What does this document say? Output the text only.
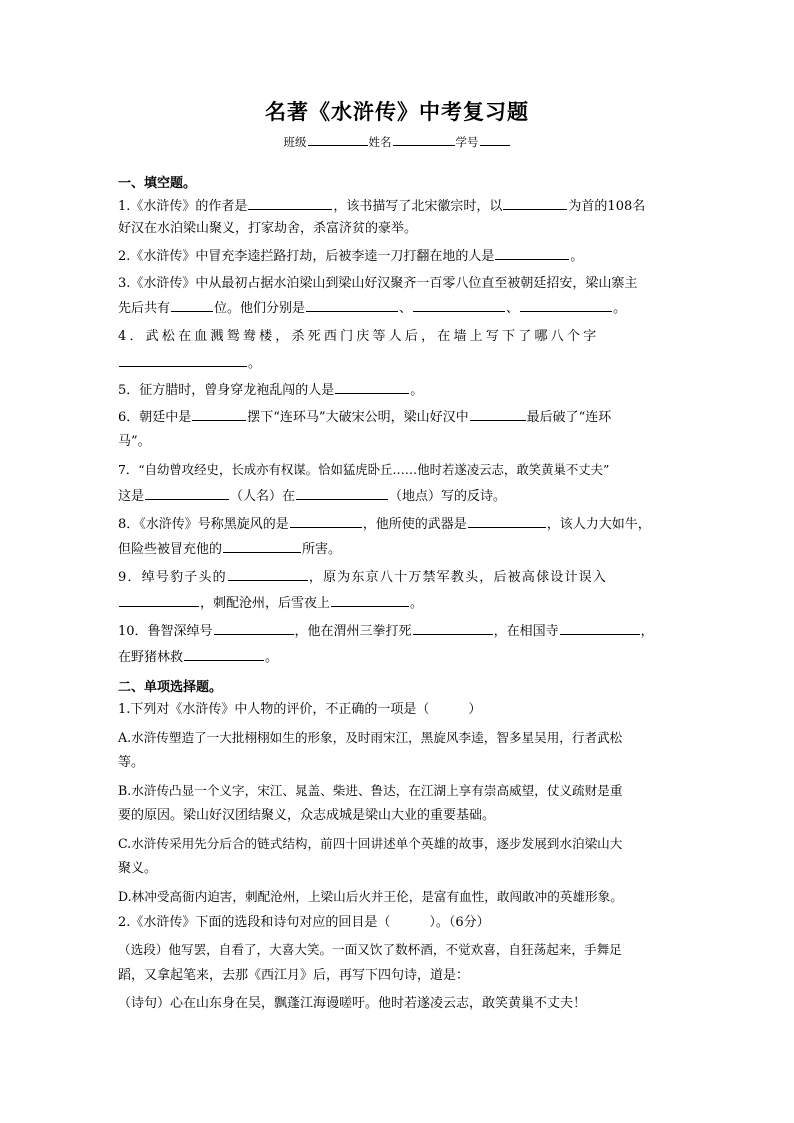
名著《水浒传》中考复习题
班级	姓名	学号
一、填空题。
1.《水浒传》的作者是	，该书描写了北宋徽宗时，以	为首的108名
好汉在水泊梁山聚义，打家劫舍，杀富济贫的豪举。
2.《水浒传》中冒充李逵拦路打劫，后被李逵一刀打翻在地的人是	。
3.《水浒传》中从最初占据水泊梁山到梁山好汉聚齐一百零八位直至被朝廷招安，梁山寨主
先后共有	位。他们分别是	、	、	。
4．武松在血溅鸳鸯楼，杀死西门庆等人后，在墙上写下了哪八个字
。
5．征方腊时，曾身穿龙袍乱闯的人是	。
6．朝廷中是	摆下“连环马”大破宋公明，梁山好汉中	最后破了“连环
马”。
7．“自幼曾攻经史，长成亦有权谋。恰如猛虎卧丘……他时若遂凌云志，敢笑黄巢不丈夫”
这是	（人名）在	（地点）写的反诗。
8．《水浒传》号称黑旋风的是	，他所使的武器是	，该人力大如牛，
但险些被冒充他的	所害。
9．绰号豹子头的	，原为东京八十万禁军教头，后被高俅设计误入
，刺配沧州，后雪夜上	。
10．鲁智深绰号	，他在渭州三拳打死	，在相国寺	，
在野猪林救	。
二、单项选择题。
1.下列对《水浒传》中人物的评价，不正确的一项是（　　　）
A.水浒传塑造了一大批栩栩如生的形象，及时雨宋江，黑旋风李逵，智多星吴用，行者武松
等。
B.水浒传凸显一个义字，宋江、晁盖、柴进、鲁达，在江湖上享有崇高威望，仗义疏财是重
要的原因。梁山好汉团结聚义，众志成城是梁山大业的重要基础。
C.水浒传采用先分后合的链式结构，前四十回讲述单个英雄的故事，逐步发展到水泊梁山大
聚义。
D.林冲受高衙内迫害，刺配沧州，上梁山后火并王伦，是富有血性，敢闯敢冲的英雄形象。
2.《水浒传》下面的选段和诗句对应的回目是（　　　）。（6分）
（选段）他写罢，自看了，大喜大笑。一面又饮了数杯酒，不觉欢喜，自狂荡起来，手舞足
蹈，又拿起笔来，去那《西江月》后，再写下四句诗，道是：
（诗句）心在山东身在吴，飘蓬江海谩嗟吁。他时若遂凌云志，敢笑黄巢不丈夫！
